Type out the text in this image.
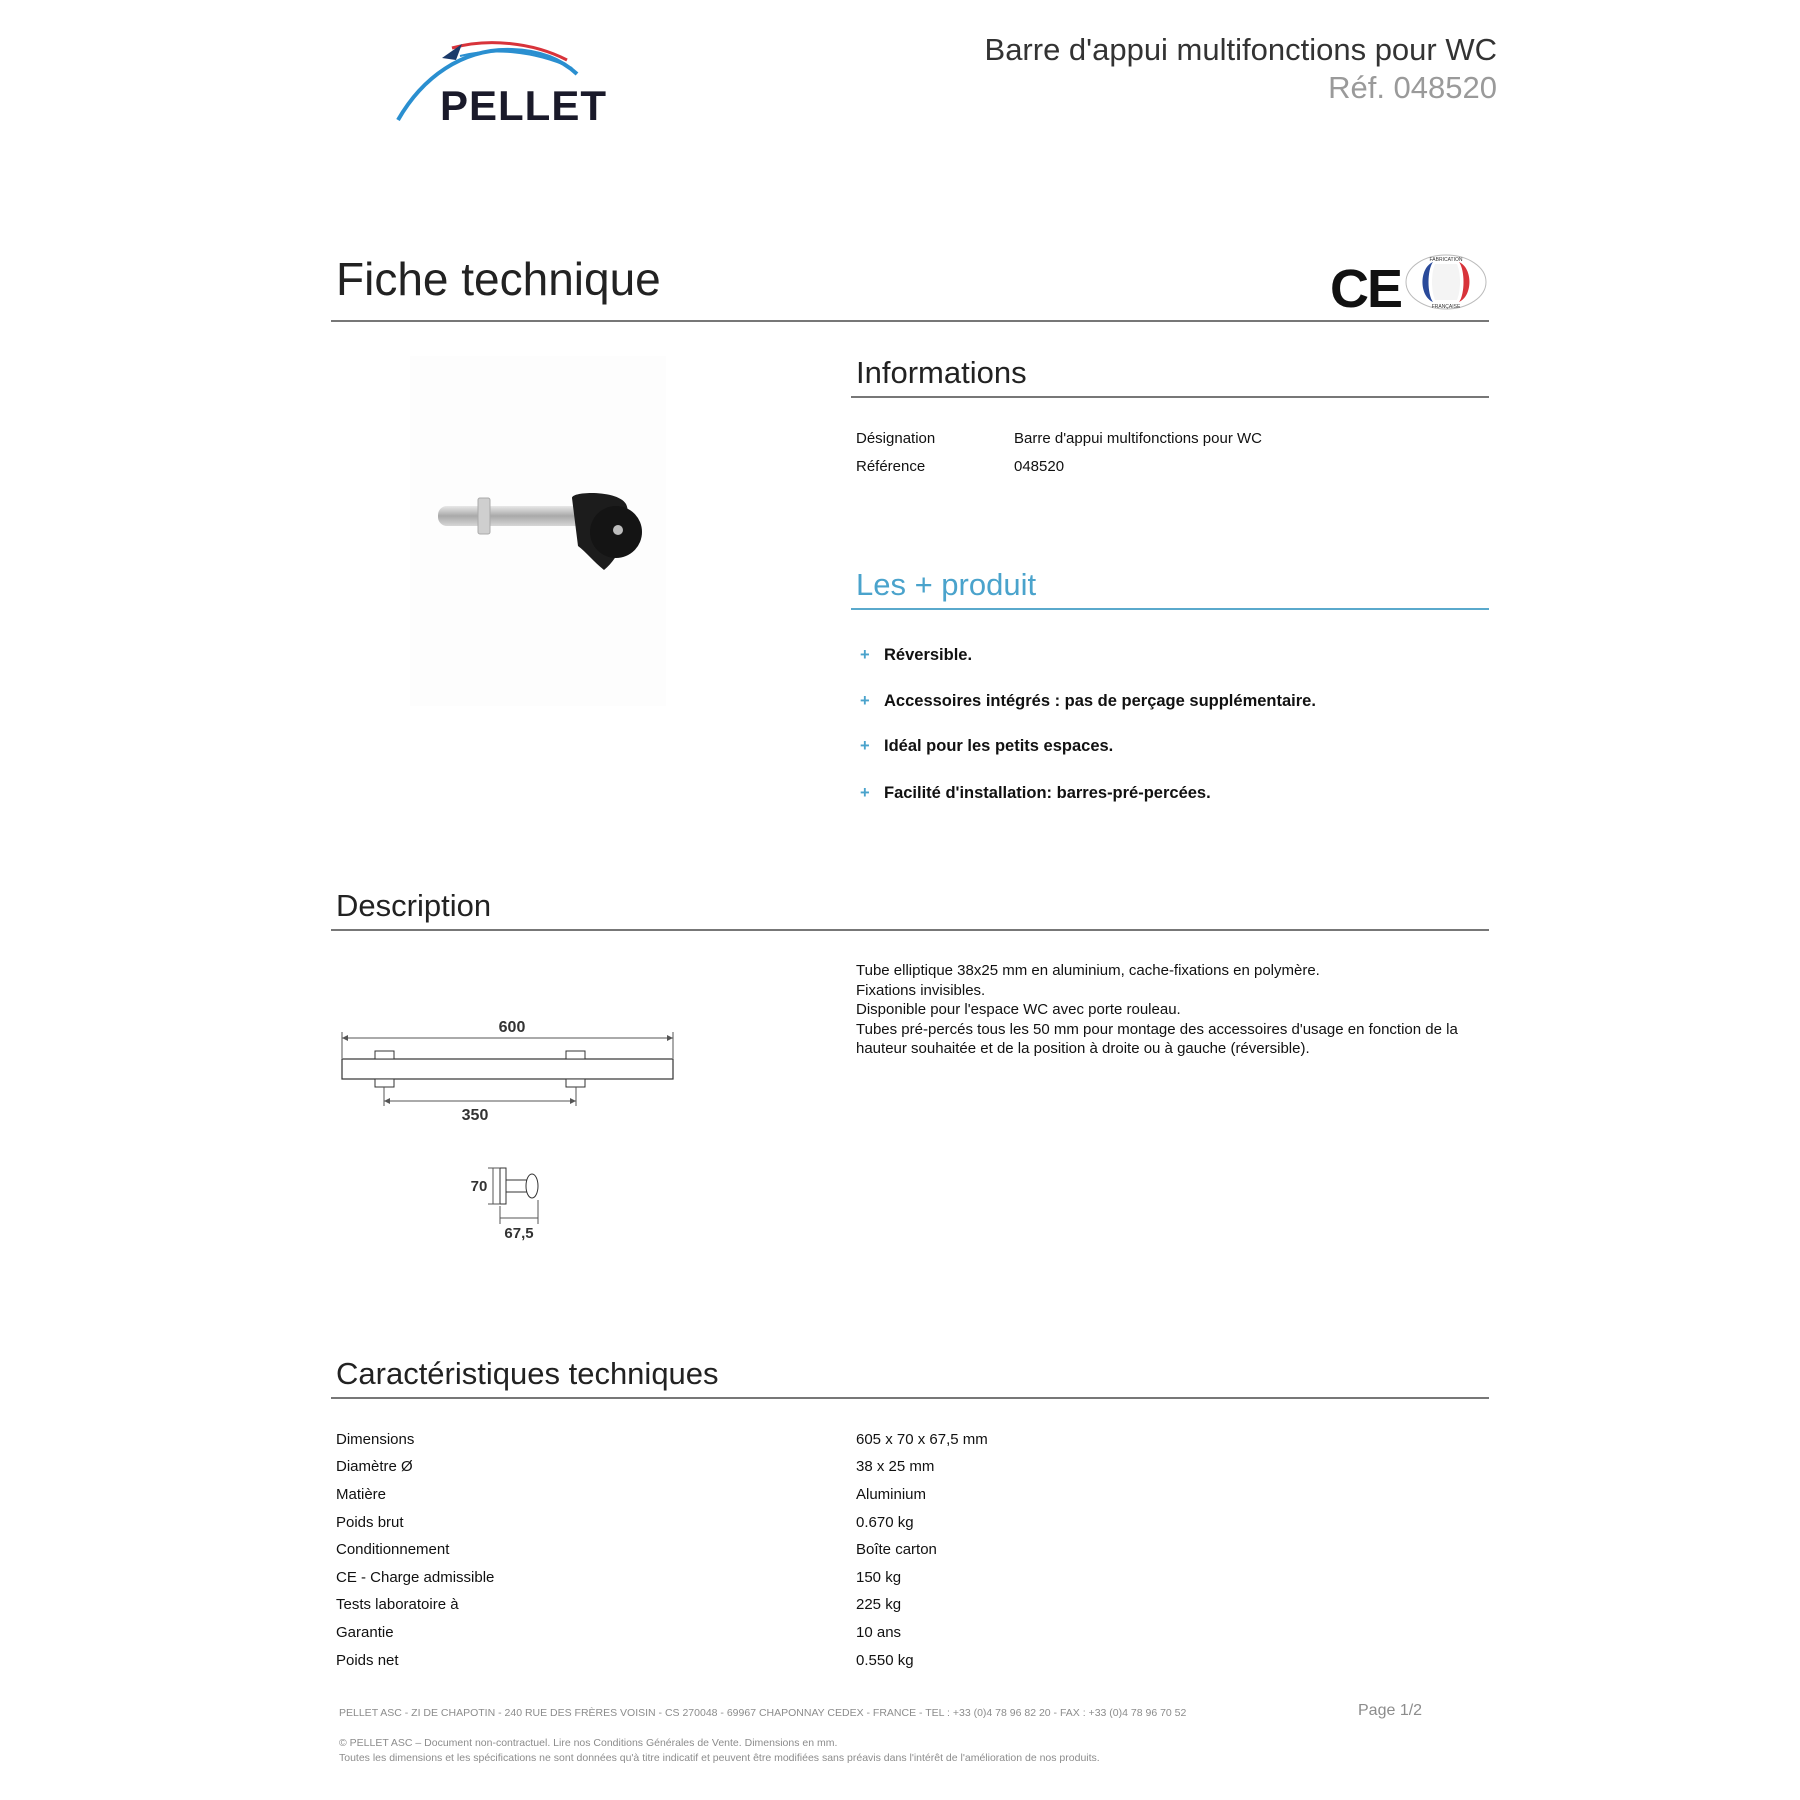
PELLET
Barre d'appui multifonctions pour WC
Réf. 048520
Fiche technique	CE	FABRICATION
FRANÇAISE
Informations
Désignation	Barre d'appui multifonctions pour WC
Référence	048520
Les + produit
+ Réversible.
+ Accessoires intégrés : pas de perçage supplémentaire.
+ Idéal pour les petits espaces.
+ Facilité d'installation: barres-pré-percées.
Description
Tube elliptique 38x25 mm en aluminium, cache-fixations en polymère.
Fixations invisibles.
Disponible pour l'espace WC avec porte rouleau.
Tubes pré-percés tous les 50 mm pour montage des accessoires d'usage en fonction de la hauteur souhaitée et de la position à droite ou à gauche (réversible).
600
350
70
67,5
Caractéristiques techniques
Dimensions	605 x 70 x 67,5 mm
Diamètre Ø	38 x 25 mm
Matière	Aluminium
Poids brut	0.670 kg
Conditionnement	Boîte carton
CE - Charge admissible	150 kg
Tests laboratoire à	225 kg
Garantie	10 ans
Poids net	0.550 kg
PELLET ASC - ZI DE CHAPOTIN - 240 RUE DES FRÈRES VOISIN - CS 270048 - 69967 CHAPONNAY CEDEX - FRANCE - TEL : +33 (0)4 78 96 82 20 - FAX : +33 (0)4 78 96 70 52	Page 1/2
© PELLET ASC – Document non-contractuel. Lire nos Conditions Générales de Vente. Dimensions en mm.
Toutes les dimensions et les spécifications ne sont données qu'à titre indicatif et peuvent être modifiées sans préavis dans l'intérêt de l'amélioration de nos produits.
